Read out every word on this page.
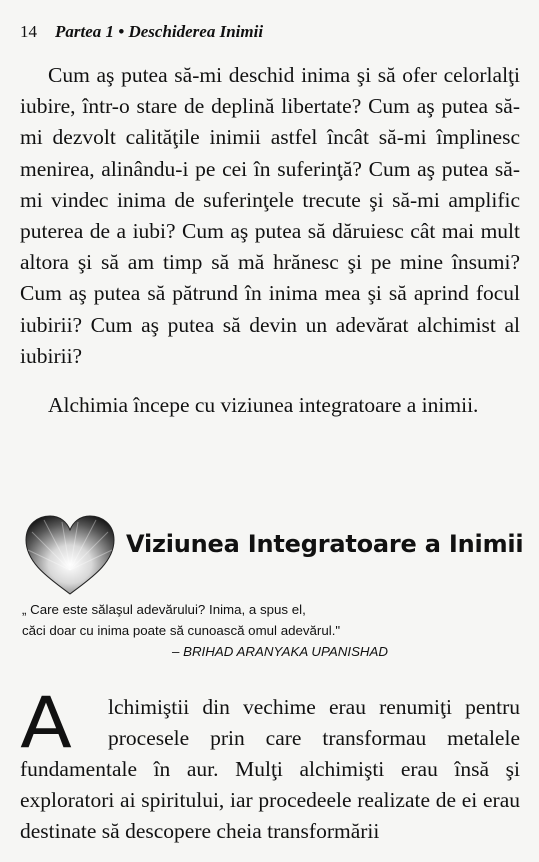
14 Partea 1 • Deschiderea Inimii

Cum aş putea să-mi deschid inima şi să ofer celorlalţi iubire, într-o stare de deplină libertate? Cum aş putea să-mi dezvolt calităţile inimii astfel încât să-mi împlinesc menirea, alinându-i pe cei în suferinţă? Cum aş putea să-mi vindec inima de suferinţele trecute şi să-mi amplific puterea de a iubi? Cum aş putea să dăruiesc cât mai mult altora şi să am timp să mă hrănesc şi pe mine însumi? Cum aş putea să pătrund în inima mea şi să aprind focul iubirii? Cum aş putea să devin un adevărat alchimist al iubirii?

Alchimia începe cu viziunea integratoare a inimii.

Viziunea Integratoare a Inimii
„ Care este sălaşul adevărului? Inima, a spus el,
căci doar cu inima poate să cunoască omul adevărul."
– BRIHAD ARANYAKA UPANISHAD
A	lchimiştii din vechime erau renumiţi pentru procesele prin care transformau metalele fundamentale în aur. Mulţi alchimişti erau însă şi exploratori ai spiritului, iar procedeele realizate de ei erau destinate să descopere cheia transformării
